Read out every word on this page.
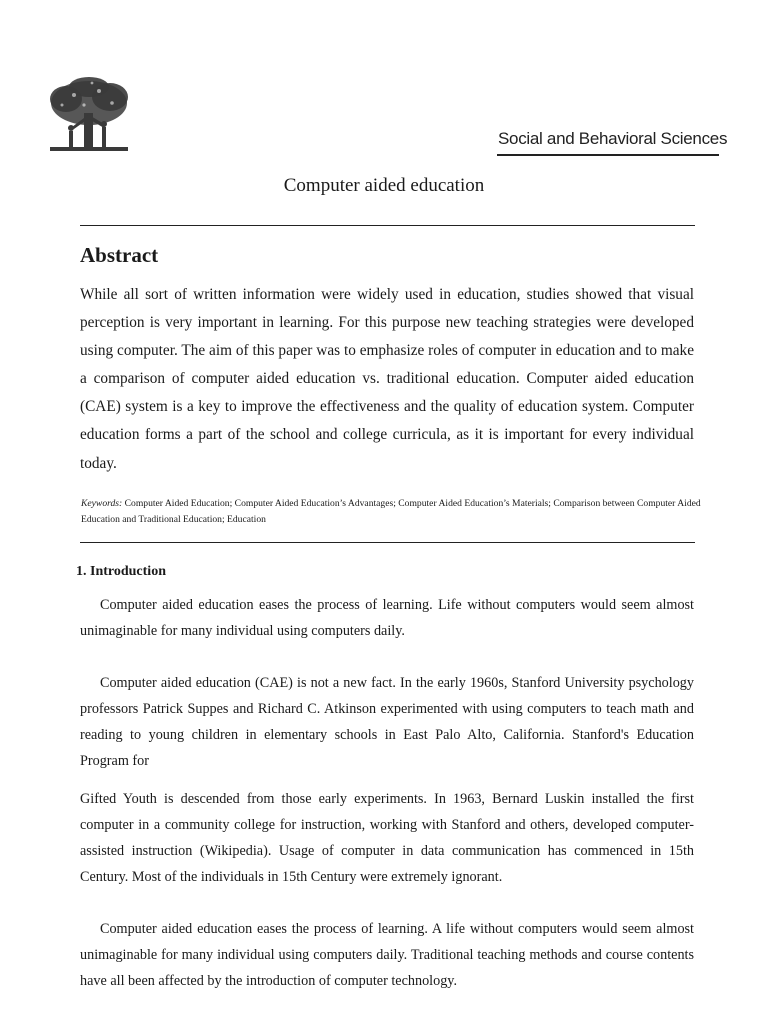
Social and Behavioral Sciences
Computer aided education
Abstract

While all sort of written information were widely used in education, studies showed that visual perception is very important in learning. For this purpose new teaching strategies were developed using computer. The aim of this paper was to emphasize roles of computer in education and to make a comparison of computer aided education vs. traditional education. Computer aided education (CAE) system is a key to improve the effectiveness and the quality of education system. Computer education forms a part of the school and college curricula, as it is important for every individual today.

Keywords: Computer Aided Education; Computer Aided Education’s Advantages; Computer Aided Education’s Materials; Comparison between Computer Aided Education and Traditional Education; Education

1. Introduction

Computer aided education eases the process of learning. Life without computers would seem almost unimaginable for many individual using computers daily.

Computer aided education (CAE) is not a new fact. In the early 1960s, Stanford University psychology professors Patrick Suppes and Richard C. Atkinson experimented with using computers to teach math and reading to young children in elementary schools in East Palo Alto, California. Stanford's Education Program for

Gifted Youth is descended from those early experiments. In 1963, Bernard Luskin installed the first computer in a community college for instruction, working with Stanford and others, developed computer-assisted instruction (Wikipedia). Usage of computer in data communication has commenced in 15th Century. Most of the individuals in 15th Century were extremely ignorant.

Computer aided education eases the process of learning. A life without computers would seem almost unimaginable for many individual using computers daily. Traditional teaching methods and course contents have all been affected by the introduction of computer technology.
